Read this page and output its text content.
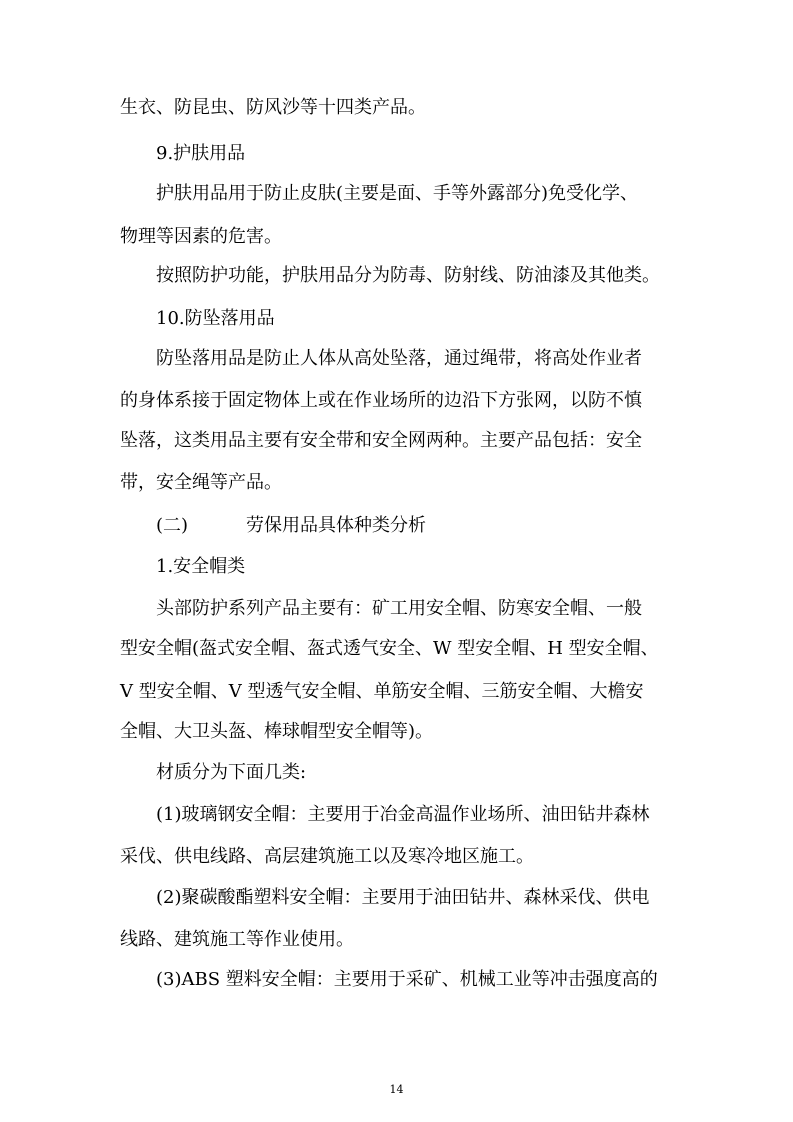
生衣、防昆虫、防风沙等十四类产品。
9.护肤用品
护肤用品用于防止皮肤(主要是面、手等外露部分)免受化学、
物理等因素的危害。
按照防护功能，护肤用品分为防毒、防射线、防油漆及其他类。
10.防坠落用品
防坠落用品是防止人体从高处坠落，通过绳带，将高处作业者
的身体系接于固定物体上或在作业场所的边沿下方张网，以防不慎
坠落，这类用品主要有安全带和安全网两种。主要产品包括：安全
带，安全绳等产品。
(二)	劳保用品具体种类分析
1.安全帽类
头部防护系列产品主要有：矿工用安全帽、防寒安全帽、一般
型安全帽(盔式安全帽、盔式透气安全、W 型安全帽、H 型安全帽、
V 型安全帽、V 型透气安全帽、单筋安全帽、三筋安全帽、大檐安
全帽、大卫头盔、棒球帽型安全帽等)。
材质分为下面几类:
(1)玻璃钢安全帽：主要用于冶金高温作业场所、油田钻井森林
采伐、供电线路、高层建筑施工以及寒冷地区施工。
(2)聚碳酸酯塑料安全帽：主要用于油田钻井、森林采伐、供电
线路、建筑施工等作业使用。
(3)ABS 塑料安全帽：主要用于采矿、机械工业等冲击强度高的
14
